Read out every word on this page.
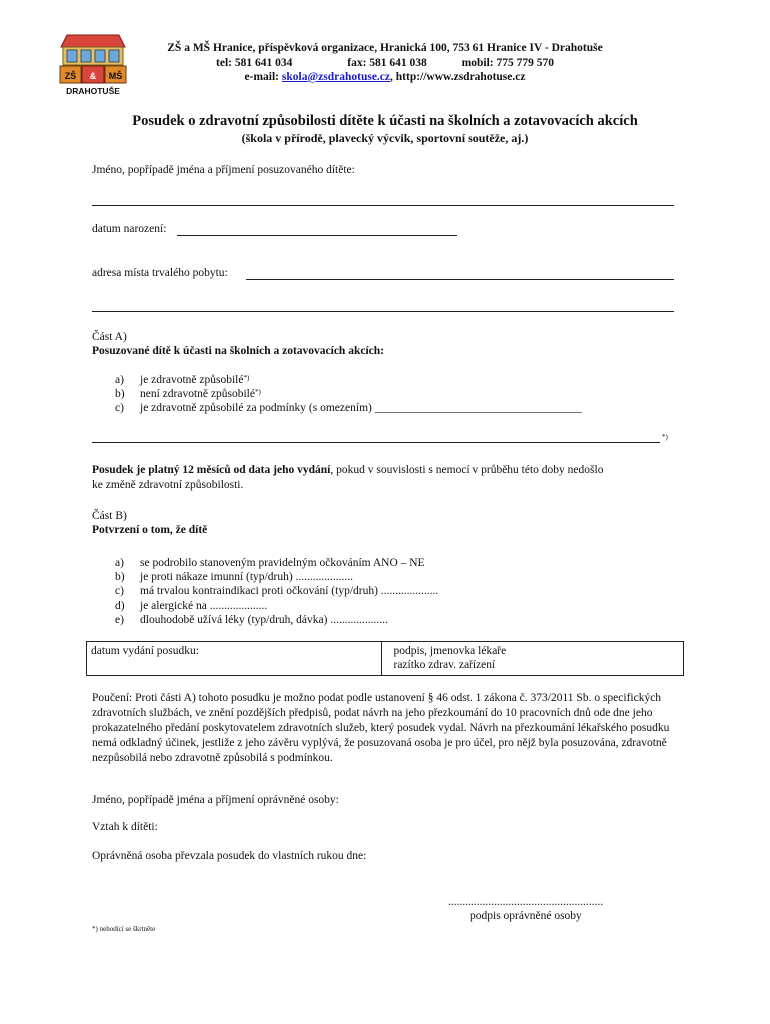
ZŠ & MŠ
DRAHOTUŠE
ZŠ a MŠ Hranice, příspěvková organizace, Hranická 100, 753 61 Hranice IV - Drahotuše
tel: 581 641 034	fax: 581 641 038	mobil: 775 779 570
e-mail: skola@zsdrahotuse.cz, http://www.zsdrahotuse.cz
Posudek o zdravotní způsobilosti dítěte k účasti na školních a zotavovacích akcích
(škola v přírodě, plavecký výcvik, sportovní soutěže, aj.)
Jméno, popřípadě jména a příjmení posuzovaného dítěte:
datum narození:
adresa místa trvalého pobytu:
Část A)
Posuzované dítě k účasti na školních a zotavovacích akcích:
a) je zdravotně způsobilé*)
b) není zdravotně způsobilé*)
c) je zdravotně způsobilé za podmínky (s omezením) ____________________________________
*)
Posudek je platný 12 měsíců od data jeho vydání, pokud v souvislosti s nemocí v průběhu této doby nedošlo
ke změně zdravotní způsobilosti.
Část B)
Potvrzení o tom, že dítě
a) se podrobilo stanoveným pravidelným očkováním ANO – NE
b) je proti nákaze imunní (typ/druh) ....................
c) má trvalou kontraindikaci proti očkování (typ/druh) ....................
d) je alergické na ....................
e) dlouhodobě užívá léky (typ/druh, dávka) ....................
datum vydání posudku:	podpis, jmenovka lékaře
razítko zdrav. zařízení
Poučení: Proti části A) tohoto posudku je možno podat podle ustanovení § 46 odst. 1 zákona č. 373/2011 Sb. o specifických zdravotních službách, ve znění pozdějších předpisů, podat návrh na jeho přezkoumání do 10 pracovních dnů ode dne jeho prokazatelného předání poskytovatelem zdravotních služeb, který posudek vydal. Návrh na přezkoumání lékařského posudku nemá odkladný účinek, jestliže z jeho závěru vyplývá, že posuzovaná osoba je pro účel, pro nějž byla posuzována, zdravotně nezpůsobilá nebo zdravotně způsobilá s podmínkou.
Jméno, popřípadě jména a příjmení oprávněné osoby:
Vztah k dítěti:
Oprávněná osoba převzala posudek do vlastních rukou dne:
......................................................
podpis oprávněné osoby
*) nehodící se škrtněte
